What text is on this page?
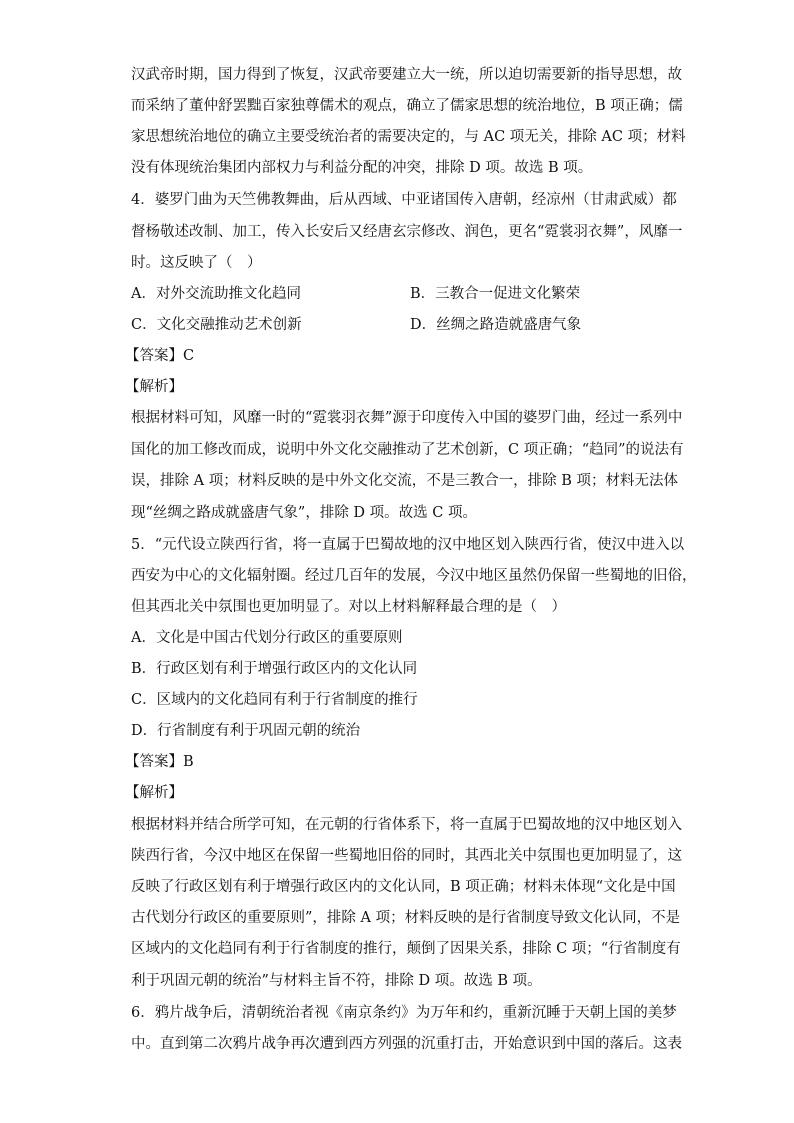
汉武帝时期，国力得到了恢复，汉武帝要建立大一统，所以迫切需要新的指导思想，故
而采纳了董仲舒罢黜百家独尊儒术的观点，确立了儒家思想的统治地位，B 项正确；儒
家思想统治地位的确立主要受统治者的需要决定的，与 AC 项无关，排除 AC 项；材料
没有体现统治集团内部权力与利益分配的冲突，排除 D 项。故选 B 项。
4．婆罗门曲为天竺佛教舞曲，后从西域、中亚诸国传入唐朝，经凉州（甘肃武威）都
督杨敬述改制、加工，传入长安后又经唐玄宗修改、润色，更名“霓裳羽衣舞”，风靡一
时。这反映了（　）
A．对外交流助推文化趋同	B．三教合一促进文化繁荣
C．文化交融推动艺术创新	D．丝绸之路造就盛唐气象
【答案】C
【解析】
根据材料可知，风靡一时的“霓裳羽衣舞”源于印度传入中国的婆罗门曲，经过一系列中
国化的加工修改而成，说明中外文化交融推动了艺术创新，C 项正确；“趋同”的说法有
误，排除 A 项；材料反映的是中外文化交流，不是三教合一，排除 B 项；材料无法体
现“丝绸之路成就盛唐气象”，排除 D 项。故选 C 项。
5．“元代设立陕西行省，将一直属于巴蜀故地的汉中地区划入陕西行省，使汉中进入以
西安为中心的文化辐射圈。经过几百年的发展，今汉中地区虽然仍保留一些蜀地的旧俗，
但其西北关中氛围也更加明显了。对以上材料解释最合理的是（　）
A．文化是中国古代划分行政区的重要原则
B．行政区划有利于增强行政区内的文化认同
C．区域内的文化趋同有利于行省制度的推行
D．行省制度有利于巩固元朝的统治
【答案】B
【解析】
根据材料并结合所学可知，在元朝的行省体系下，将一直属于巴蜀故地的汉中地区划入
陕西行省，今汉中地区在保留一些蜀地旧俗的同时，其西北关中氛围也更加明显了，这
反映了行政区划有利于增强行政区内的文化认同，B 项正确；材料未体现“文化是中国
古代划分行政区的重要原则”，排除 A 项；材料反映的是行省制度导致文化认同，不是
区域内的文化趋同有利于行省制度的推行，颠倒了因果关系，排除 C 项；“行省制度有
利于巩固元朝的统治”与材料主旨不符，排除 D 项。故选 B 项。
6．鸦片战争后，清朝统治者视《南京条约》为万年和约，重新沉睡于天朝上国的美梦
中。直到第二次鸦片战争再次遭到西方列强的沉重打击，开始意识到中国的落后。这表
